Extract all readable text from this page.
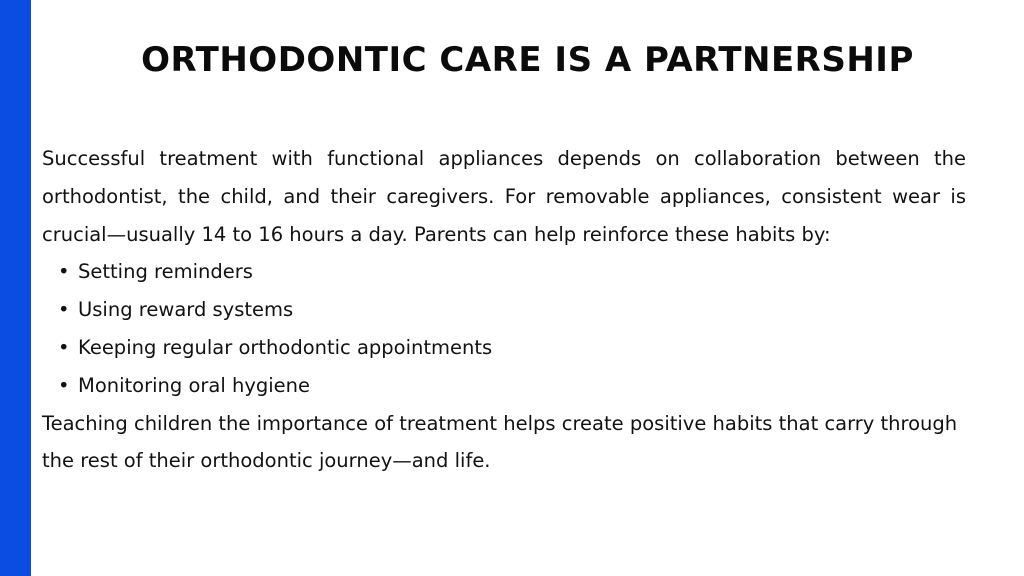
ORTHODONTIC CARE IS A PARTNERSHIP

Successful treatment with functional appliances depends on collaboration between the orthodontist, the child, and their caregivers. For removable appliances, consistent wear is crucial—usually 14 to 16 hours a day. Parents can help reinforce these habits by:

• Setting reminders
• Using reward systems
• Keeping regular orthodontic appointments
• Monitoring oral hygiene

Teaching children the importance of treatment helps create positive habits that carry through the rest of their orthodontic journey—and life.
